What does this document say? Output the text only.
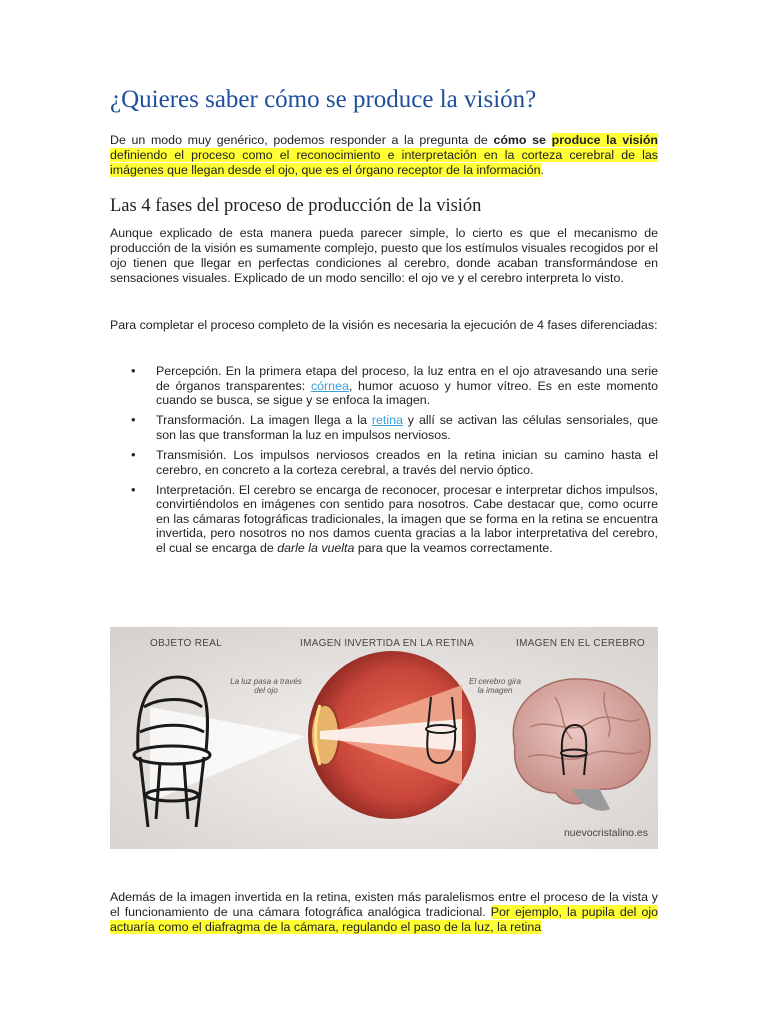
¿Quieres saber cómo se produce la visión?

De un modo muy genérico, podemos responder a la pregunta de cómo se produce la visión definiendo el proceso como el reconocimiento e interpretación en la corteza cerebral de las imágenes que llegan desde el ojo, que es el órgano receptor de la información.

Las 4 fases del proceso de producción de la visión

Aunque explicado de esta manera pueda parecer simple, lo cierto es que el mecanismo de producción de la visión es sumamente complejo, puesto que los estímulos visuales recogidos por el ojo tienen que llegar en perfectas condiciones al cerebro, donde acaban transformándose en sensaciones visuales. Explicado de un modo sencillo: el ojo ve y el cerebro interpreta lo visto.

Para completar el proceso completo de la visión es necesaria la ejecución de 4 fases diferenciadas:

• Percepción. En la primera etapa del proceso, la luz entra en el ojo atravesando una serie de órganos transparentes: córnea, humor acuoso y humor vítreo. Es en este momento cuando se busca, se sigue y se enfoca la imagen.
• Transformación. La imagen llega a la retina y allí se activan las células sensoriales, que son las que transforman la luz en impulsos nerviosos.
• Transmisión. Los impulsos nerviosos creados en la retina inician su camino hasta el cerebro, en concreto a la corteza cerebral, a través del nervio óptico.
• Interpretación. El cerebro se encarga de reconocer, procesar e interpretar dichos impulsos, convirtiéndolos en imágenes con sentido para nosotros. Cabe destacar que, como ocurre en las cámaras fotográficas tradicionales, la imagen que se forma en la retina se encuentra invertida, pero nosotros no nos damos cuenta gracias a la labor interpretativa del cerebro, el cual se encarga de darle la vuelta para que la veamos correctamente.
OBJETO REAL	IMAGEN INVERTIDA EN LA RETINA	IMAGEN EN EL CEREBRO
La luz pasa a través
del ojo
El cerebro gira
la imagen
nuevocristalino.es

Además de la imagen invertida en la retina, existen más paralelismos entre el proceso de la vista y el funcionamiento de una cámara fotográfica analógica tradicional. Por ejemplo, la pupila del ojo actuaría como el diafragma de la cámara, regulando el paso de la luz, la retina
